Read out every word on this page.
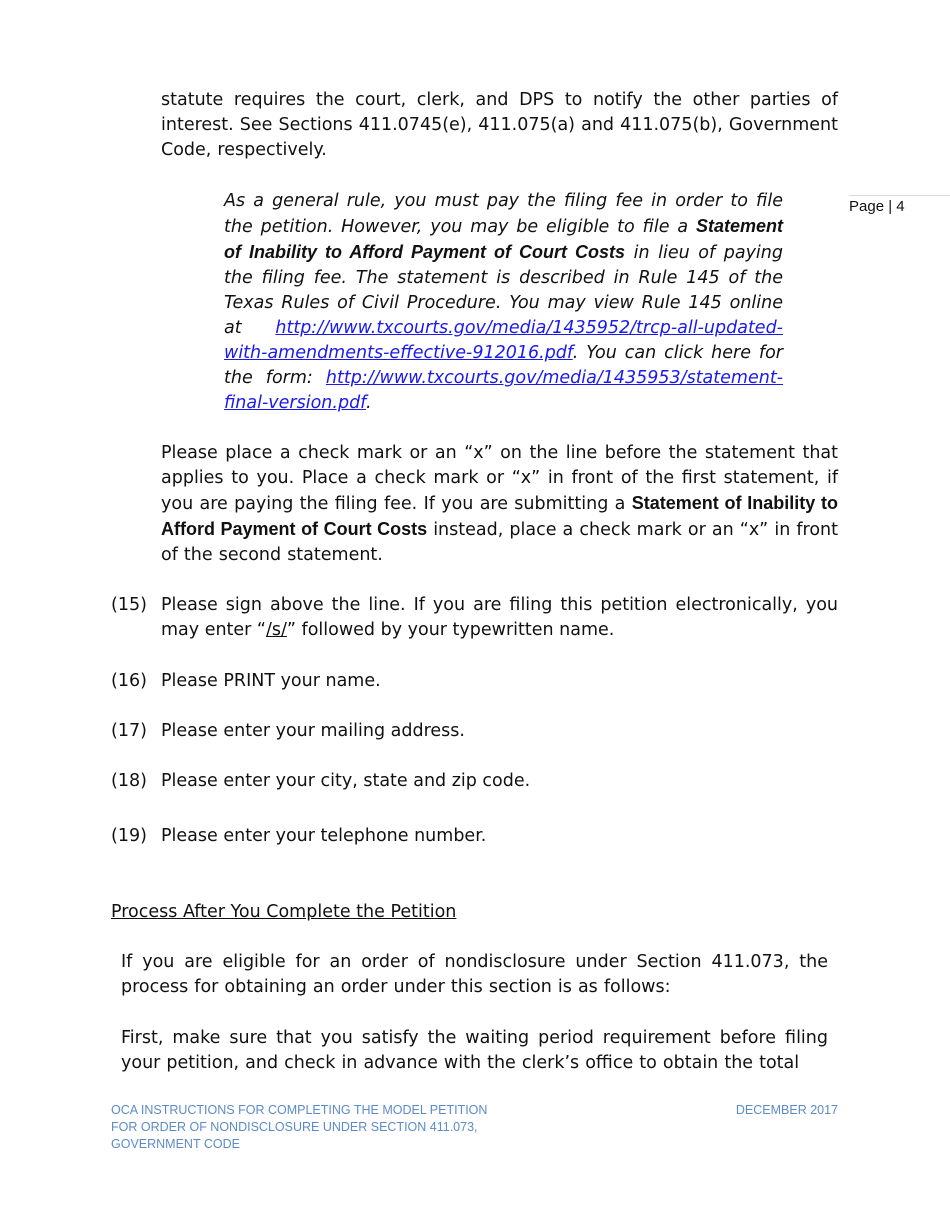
statute requires the court, clerk, and DPS to notify the other parties of interest. See Sections 411.0745(e), 411.075(a) and 411.075(b), Government Code, respectively.
Page | 4
As a general rule, you must pay the filing fee in order to file the petition. However, you may be eligible to file a Statement of Inability to Afford Payment of Court Costs in lieu of paying the filing fee. The statement is described in Rule 145 of the Texas Rules of Civil Procedure. You may view Rule 145 online at http://www.txcourts.gov/media/1435952/trcp-all-updated-with-amendments-effective-912016.pdf. You can click here for the form: http://www.txcourts.gov/media/1435953/statement-final-version.pdf.
Please place a check mark or an “x” on the line before the statement that applies to you. Place a check mark or “x” in front of the first statement, if you are paying the filing fee. If you are submitting a Statement of Inability to Afford Payment of Court Costs instead, place a check mark or an “x” in front of the second statement.
(15) Please sign above the line. If you are filing this petition electronically, you may enter “/s/” followed by your typewritten name.
(16) Please PRINT your name.
(17) Please enter your mailing address.
(18) Please enter your city, state and zip code.
(19) Please enter your telephone number.
Process After You Complete the Petition
If you are eligible for an order of nondisclosure under Section 411.073, the process for obtaining an order under this section is as follows:
First, make sure that you satisfy the waiting period requirement before filing your petition, and check in advance with the clerk’s office to obtain the total
OCA INSTRUCTIONS FOR COMPLETING THE MODEL PETITION
FOR ORDER OF NONDISCLOSURE UNDER SECTION 411.073,
GOVERNMENT CODE
DECEMBER 2017
